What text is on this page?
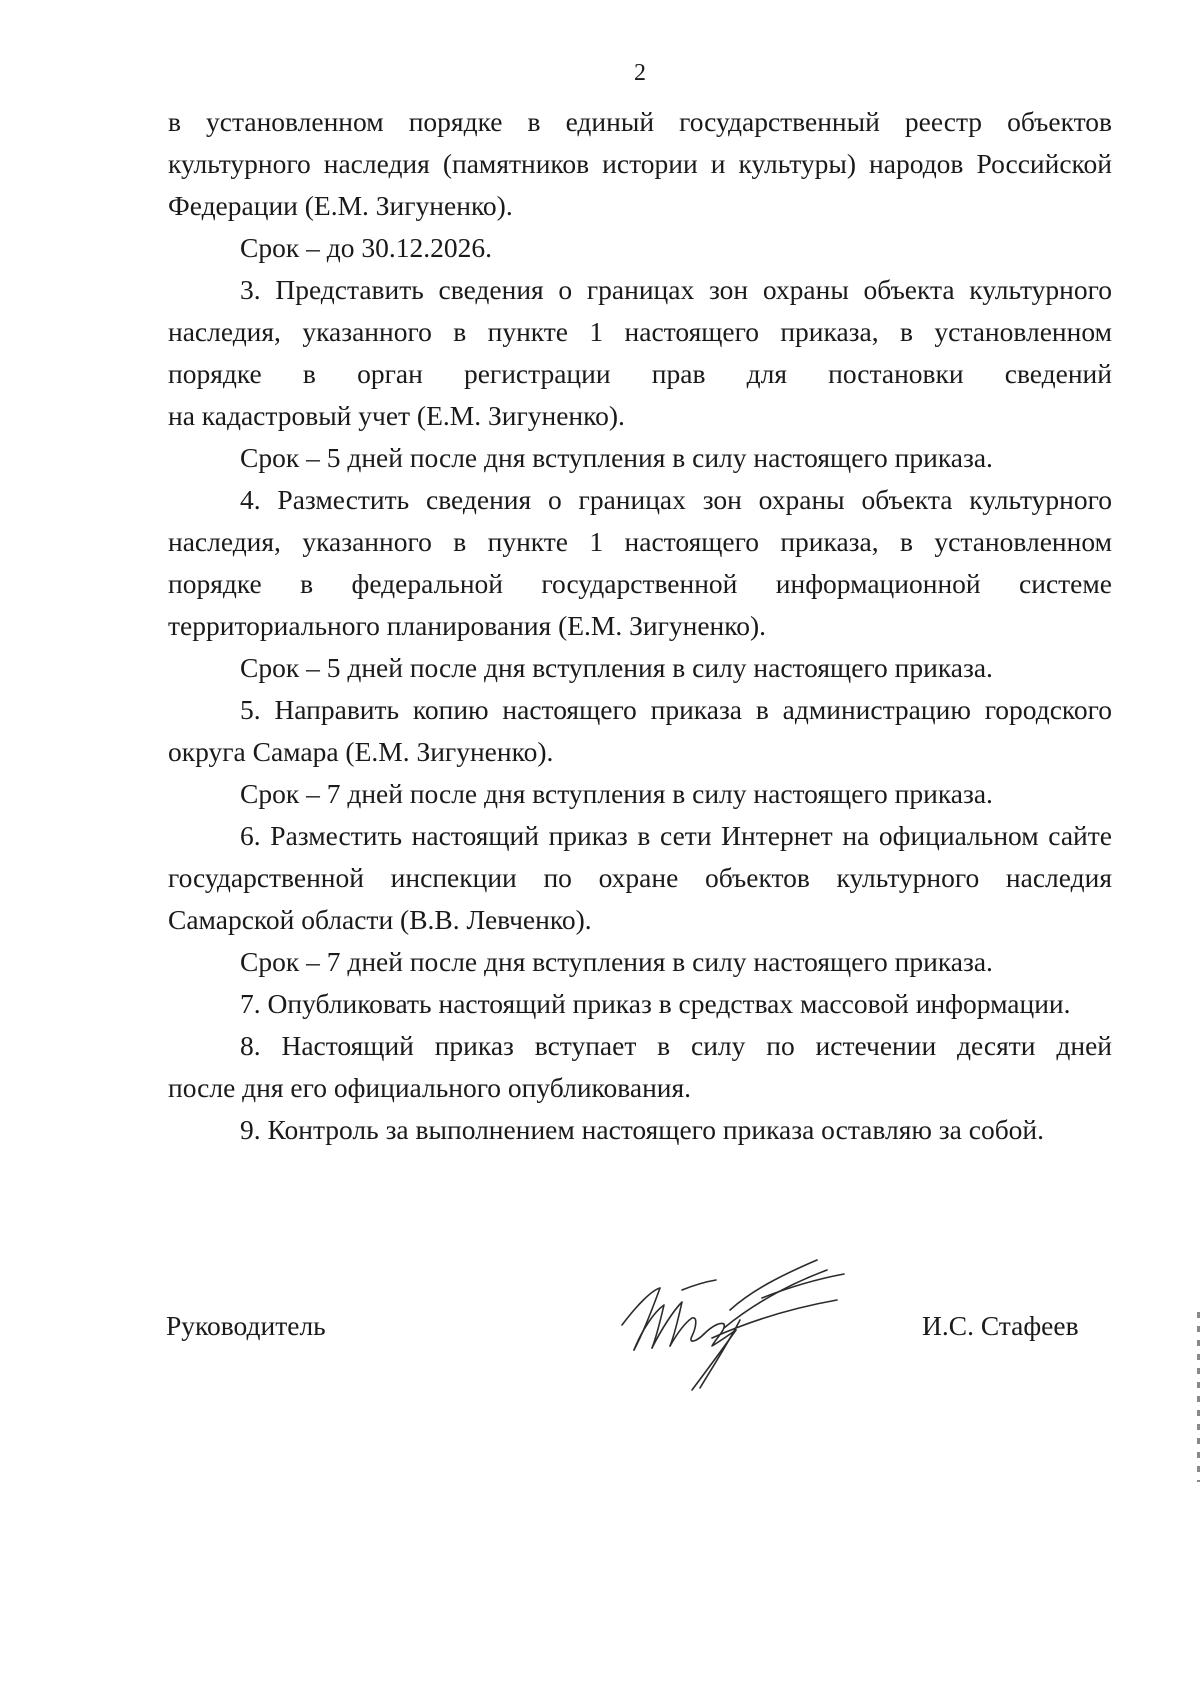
2
в установленном порядке в единый государственный реестр объектов
культурного наследия (памятников истории и культуры) народов Российской
Федерации (Е.М. Зигуненко).
Срок – до 30.12.2026.
3. Представить сведения о границах зон охраны объекта культурного
наследия, указанного в пункте 1 настоящего приказа, в установленном
порядке в орган регистрации прав для постановки сведений
на кадастровый учет (Е.М. Зигуненко).
Срок – 5 дней после дня вступления в силу настоящего приказа.
4. Разместить сведения о границах зон охраны объекта культурного
наследия, указанного в пункте 1 настоящего приказа, в установленном
порядке в федеральной государственной информационной системе
территориального планирования (Е.М. Зигуненко).
Срок – 5 дней после дня вступления в силу настоящего приказа.
5. Направить копию настоящего приказа в администрацию городского
округа Самара (Е.М. Зигуненко).
Срок – 7 дней после дня вступления в силу настоящего приказа.
6. Разместить настоящий приказ в сети Интернет на официальном сайте
государственной инспекции по охране объектов культурного наследия
Самарской области (В.В. Левченко).
Срок – 7 дней после дня вступления в силу настоящего приказа.
7. Опубликовать настоящий приказ в средствах массовой информации.
8. Настоящий приказ вступает в силу по истечении десяти дней
после дня его официального опубликования.
9. Контроль за выполнением настоящего приказа оставляю за собой.
Руководитель	И.С. Стафеев
